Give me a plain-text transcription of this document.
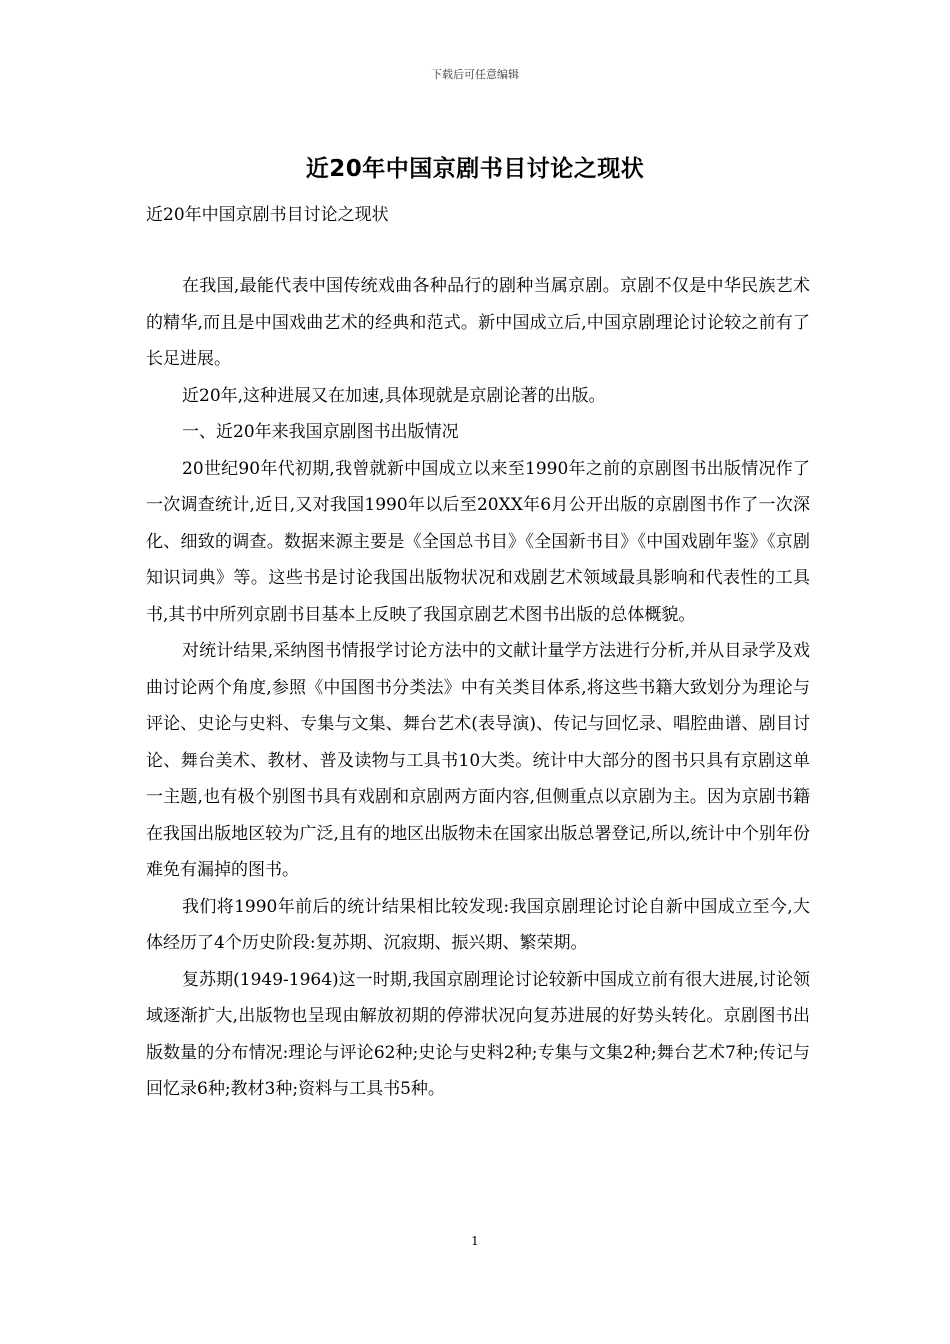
下载后可任意编辑
近20年中国京剧书目讨论之现状
近20年中国京剧书目讨论之现状

在我国,最能代表中国传统戏曲各种品行的剧种当属京剧。京剧不仅是中华民族艺术的精华,而且是中国戏曲艺术的经典和范式。新中国成立后,中国京剧理论讨论较之前有了长足进展。

近20年,这种进展又在加速,具体现就是京剧论著的出版。

一、近20年来我国京剧图书出版情况

20世纪90年代初期,我曾就新中国成立以来至1990年之前的京剧图书出版情况作了一次调查统计,近日,又对我国1990年以后至20XX年6月公开出版的京剧图书作了一次深化、细致的调查。数据来源主要是《全国总书目》《全国新书目》《中国戏剧年鉴》《京剧知识词典》等。这些书是讨论我国出版物状况和戏剧艺术领域最具影响和代表性的工具书,其书中所列京剧书目基本上反映了我国京剧艺术图书出版的总体概貌。

对统计结果,采纳图书情报学讨论方法中的文献计量学方法进行分析,并从目录学及戏曲讨论两个角度,参照《中国图书分类法》中有关类目体系,将这些书籍大致划分为理论与评论、史论与史料、专集与文集、舞台艺术(表导演)、传记与回忆录、唱腔曲谱、剧目讨论、舞台美术、教材、普及读物与工具书10大类。统计中大部分的图书只具有京剧这单一主题,也有极个别图书具有戏剧和京剧两方面内容,但侧重点以京剧为主。因为京剧书籍在我国出版地区较为广泛,且有的地区出版物未在国家出版总署登记,所以,统计中个别年份难免有漏掉的图书。

我们将1990年前后的统计结果相比较发现:我国京剧理论讨论自新中国成立至今,大体经历了4个历史阶段:复苏期、沉寂期、振兴期、繁荣期。

复苏期(1949-1964)这一时期,我国京剧理论讨论较新中国成立前有很大进展,讨论领域逐渐扩大,出版物也呈现由解放初期的停滞状况向复苏进展的好势头转化。京剧图书出版数量的分布情况:理论与评论62种;史论与史料2种;专集与文集2种;舞台艺术7种;传记与回忆录6种;教材3种;资料与工具书5种。

1
